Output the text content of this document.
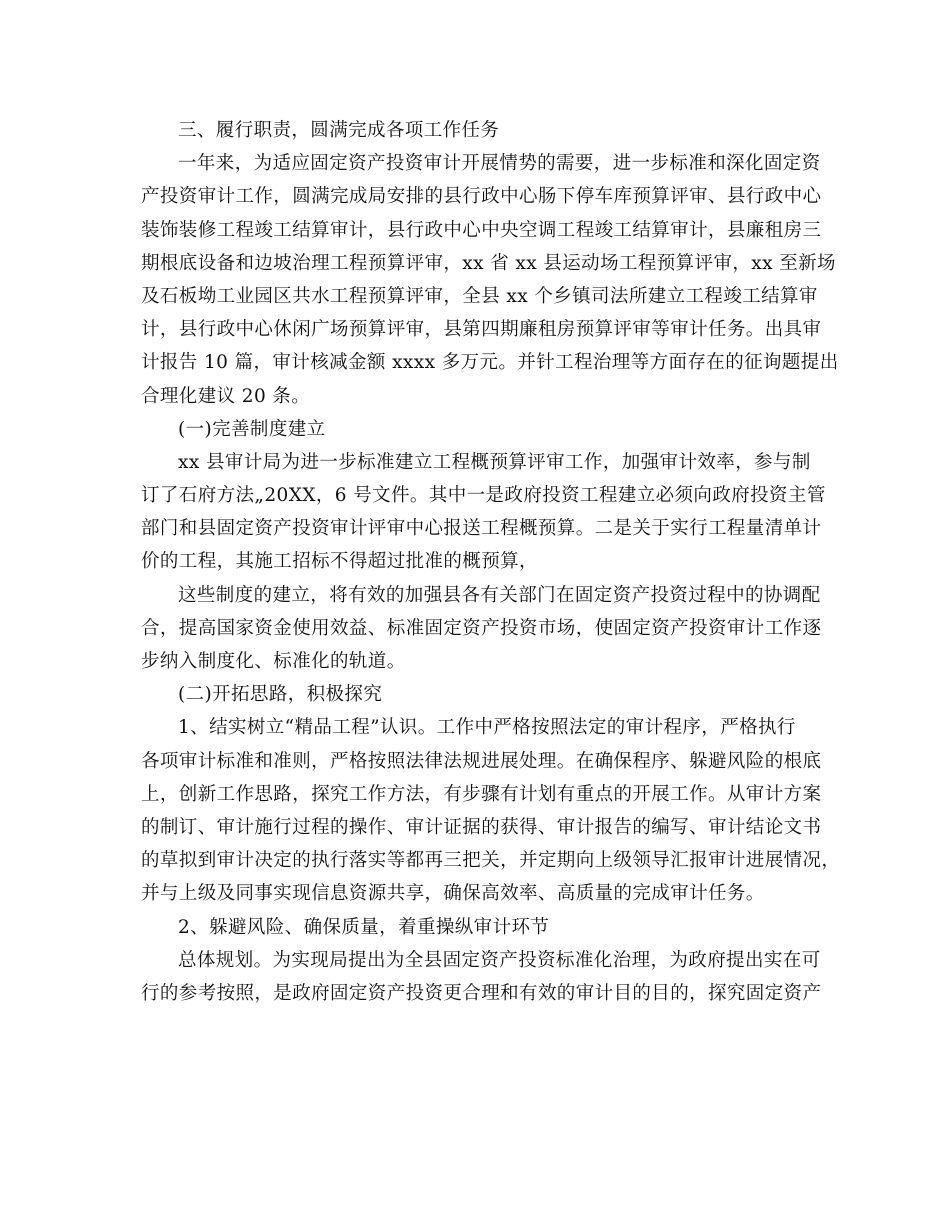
三、履行职责，圆满完成各项工作任务
一年来，为适应固定资产投资审计开展情势的需要，进一步标准和深化固定资
产投资审计工作，圆满完成局安排的县行政中心肠下停车库预算评审、县行政中心
装饰装修工程竣工结算审计，县行政中心中央空调工程竣工结算审计，县廉租房三
期根底设备和边坡治理工程预算评审，xx 省 xx 县运动场工程预算评审，xx 至新场
及石板坳工业园区共水工程预算评审，全县 xx 个乡镇司法所建立工程竣工结算审
计，县行政中心休闲广场预算评审，县第四期廉租房预算评审等审计任务。出具审
计报告 10 篇，审计核减金额 xxxx 多万元。并针工程治理等方面存在的征询题提出
合理化建议 20 条。
(一)完善制度建立
xx 县审计局为进一步标准建立工程概预算评审工作，加强审计效率，参与制
订了石府方法„20XX，6 号文件。其中一是政府投资工程建立必须向政府投资主管
部门和县固定资产投资审计评审中心报送工程概预算。二是关于实行工程量清单计
价的工程，其施工招标不得超过批准的概预算，
这些制度的建立，将有效的加强县各有关部门在固定资产投资过程中的协调配
合，提高国家资金使用效益、标准固定资产投资市场，使固定资产投资审计工作逐
步纳入制度化、标准化的轨道。
(二)开拓思路，积极探究
1、结实树立“精品工程”认识。工作中严格按照法定的审计程序，严格执行
各项审计标准和准则，严格按照法律法规进展处理。在确保程序、躲避风险的根底
上，创新工作思路，探究工作方法，有步骤有计划有重点的开展工作。从审计方案
的制订、审计施行过程的操作、审计证据的获得、审计报告的编写、审计结论文书
的草拟到审计决定的执行落实等都再三把关，并定期向上级领导汇报审计进展情况，
并与上级及同事实现信息资源共享，确保高效率、高质量的完成审计任务。
2、躲避风险、确保质量，着重操纵审计环节
总体规划。为实现局提出为全县固定资产投资标准化治理，为政府提出实在可
行的参考按照，是政府固定资产投资更合理和有效的审计目的目的，探究固定资产
